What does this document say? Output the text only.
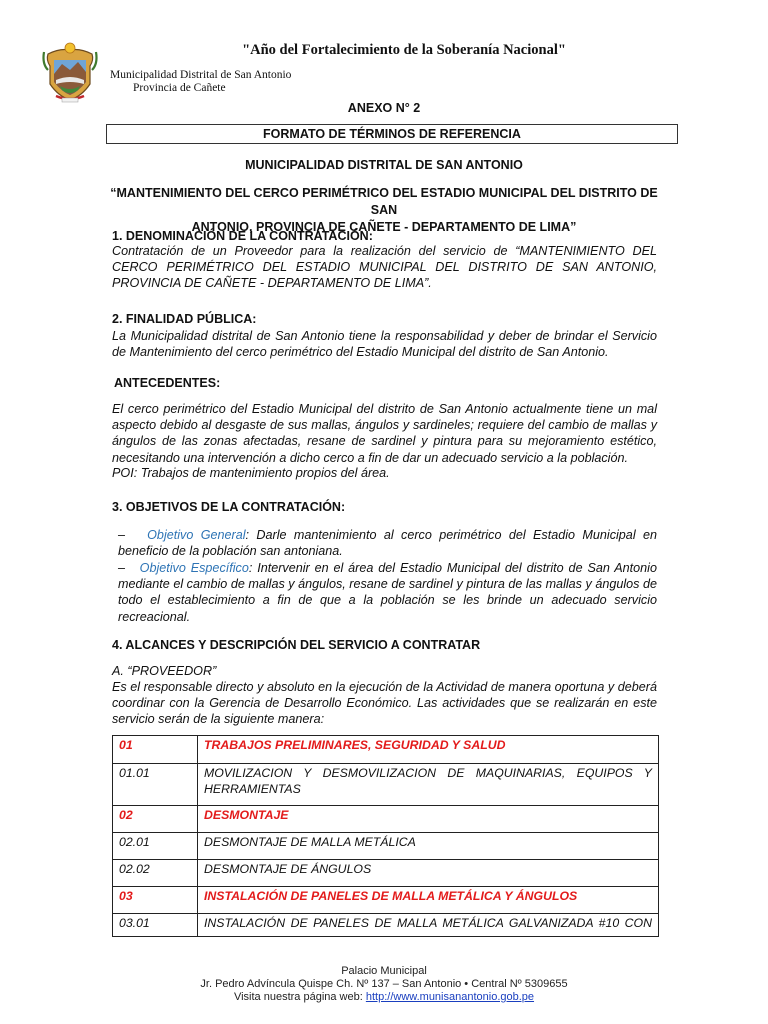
"Año del Fortalecimiento de la Soberanía Nacional"
Municipalidad Distrital de San Antonio
Provincia de Cañete
ANEXO N° 2
FORMATO DE TÉRMINOS DE REFERENCIA
MUNICIPALIDAD DISTRITAL DE SAN ANTONIO
“MANTENIMIENTO DEL CERCO PERIMÉTRICO DEL ESTADIO MUNICIPAL DEL DISTRITO DE SAN
ANTONIO, PROVINCIA DE CAÑETE - DEPARTAMENTO DE LIMA”
1. DENOMINACIÓN DE LA CONTRATACIÓN:
Contratación de un Proveedor para la realización del servicio de “MANTENIMIENTO DEL CERCO PERIMÉTRICO DEL ESTADIO MUNICIPAL DEL DISTRITO DE SAN ANTONIO, PROVINCIA DE CAÑETE - DEPARTAMENTO DE LIMA”.
2. FINALIDAD PÚBLICA:
La Municipalidad distrital de San Antonio tiene la responsabilidad y deber de brindar el Servicio de Mantenimiento del cerco perimétrico del Estadio Municipal del distrito de San Antonio.
ANTECEDENTES:
El cerco perimétrico del Estadio Municipal del distrito de San Antonio actualmente tiene un mal aspecto debido al desgaste de sus mallas, ángulos y sardineles; requiere del cambio de mallas y ángulos de las zonas afectadas, resane de sardinel y pintura para su mejoramiento estético, necesitando una intervención a dicho cerco a fin de dar un adecuado servicio a la población.
POI: Trabajos de mantenimiento propios del área.
3. OBJETIVOS DE LA CONTRATACIÓN:
– Objetivo General: Darle mantenimiento al cerco perimétrico del Estadio Municipal en beneficio de la población san antoniana.
– Objetivo Específico: Intervenir en el área del Estadio Municipal del distrito de San Antonio mediante el cambio de mallas y ángulos, resane de sardinel y pintura de las mallas y ángulos de todo el establecimiento a fin de que a la población se les brinde un adecuado servicio recreacional.
4. ALCANCES Y DESCRIPCIÓN DEL SERVICIO A CONTRATAR
A. “PROVEEDOR”
Es el responsable directo y absoluto en la ejecución de la Actividad de manera oportuna y deberá coordinar con la Gerencia de Desarrollo Económico. Las actividades que se realizarán en este servicio serán de la siguiente manera:
01	TRABAJOS PRELIMINARES, SEGURIDAD Y SALUD
01.01	MOVILIZACION Y DESMOVILIZACION DE MAQUINARIAS, EQUIPOS Y HERRAMIENTAS
02	DESMONTAJE
02.01	DESMONTAJE DE MALLA METÁLICA
02.02	DESMONTAJE DE ÁNGULOS
03	INSTALACIÓN DE PANELES DE MALLA METÁLICA Y ÁNGULOS
03.01	INSTALACIÓN DE PANELES DE MALLA METÁLICA GALVANIZADA #10 CON
Palacio Municipal
Jr. Pedro Advíncula Quispe Ch. Nº 137 – San Antonio • Central Nº 5309655
Visita nuestra página web: http://www.munisanantonio.gob.pe
